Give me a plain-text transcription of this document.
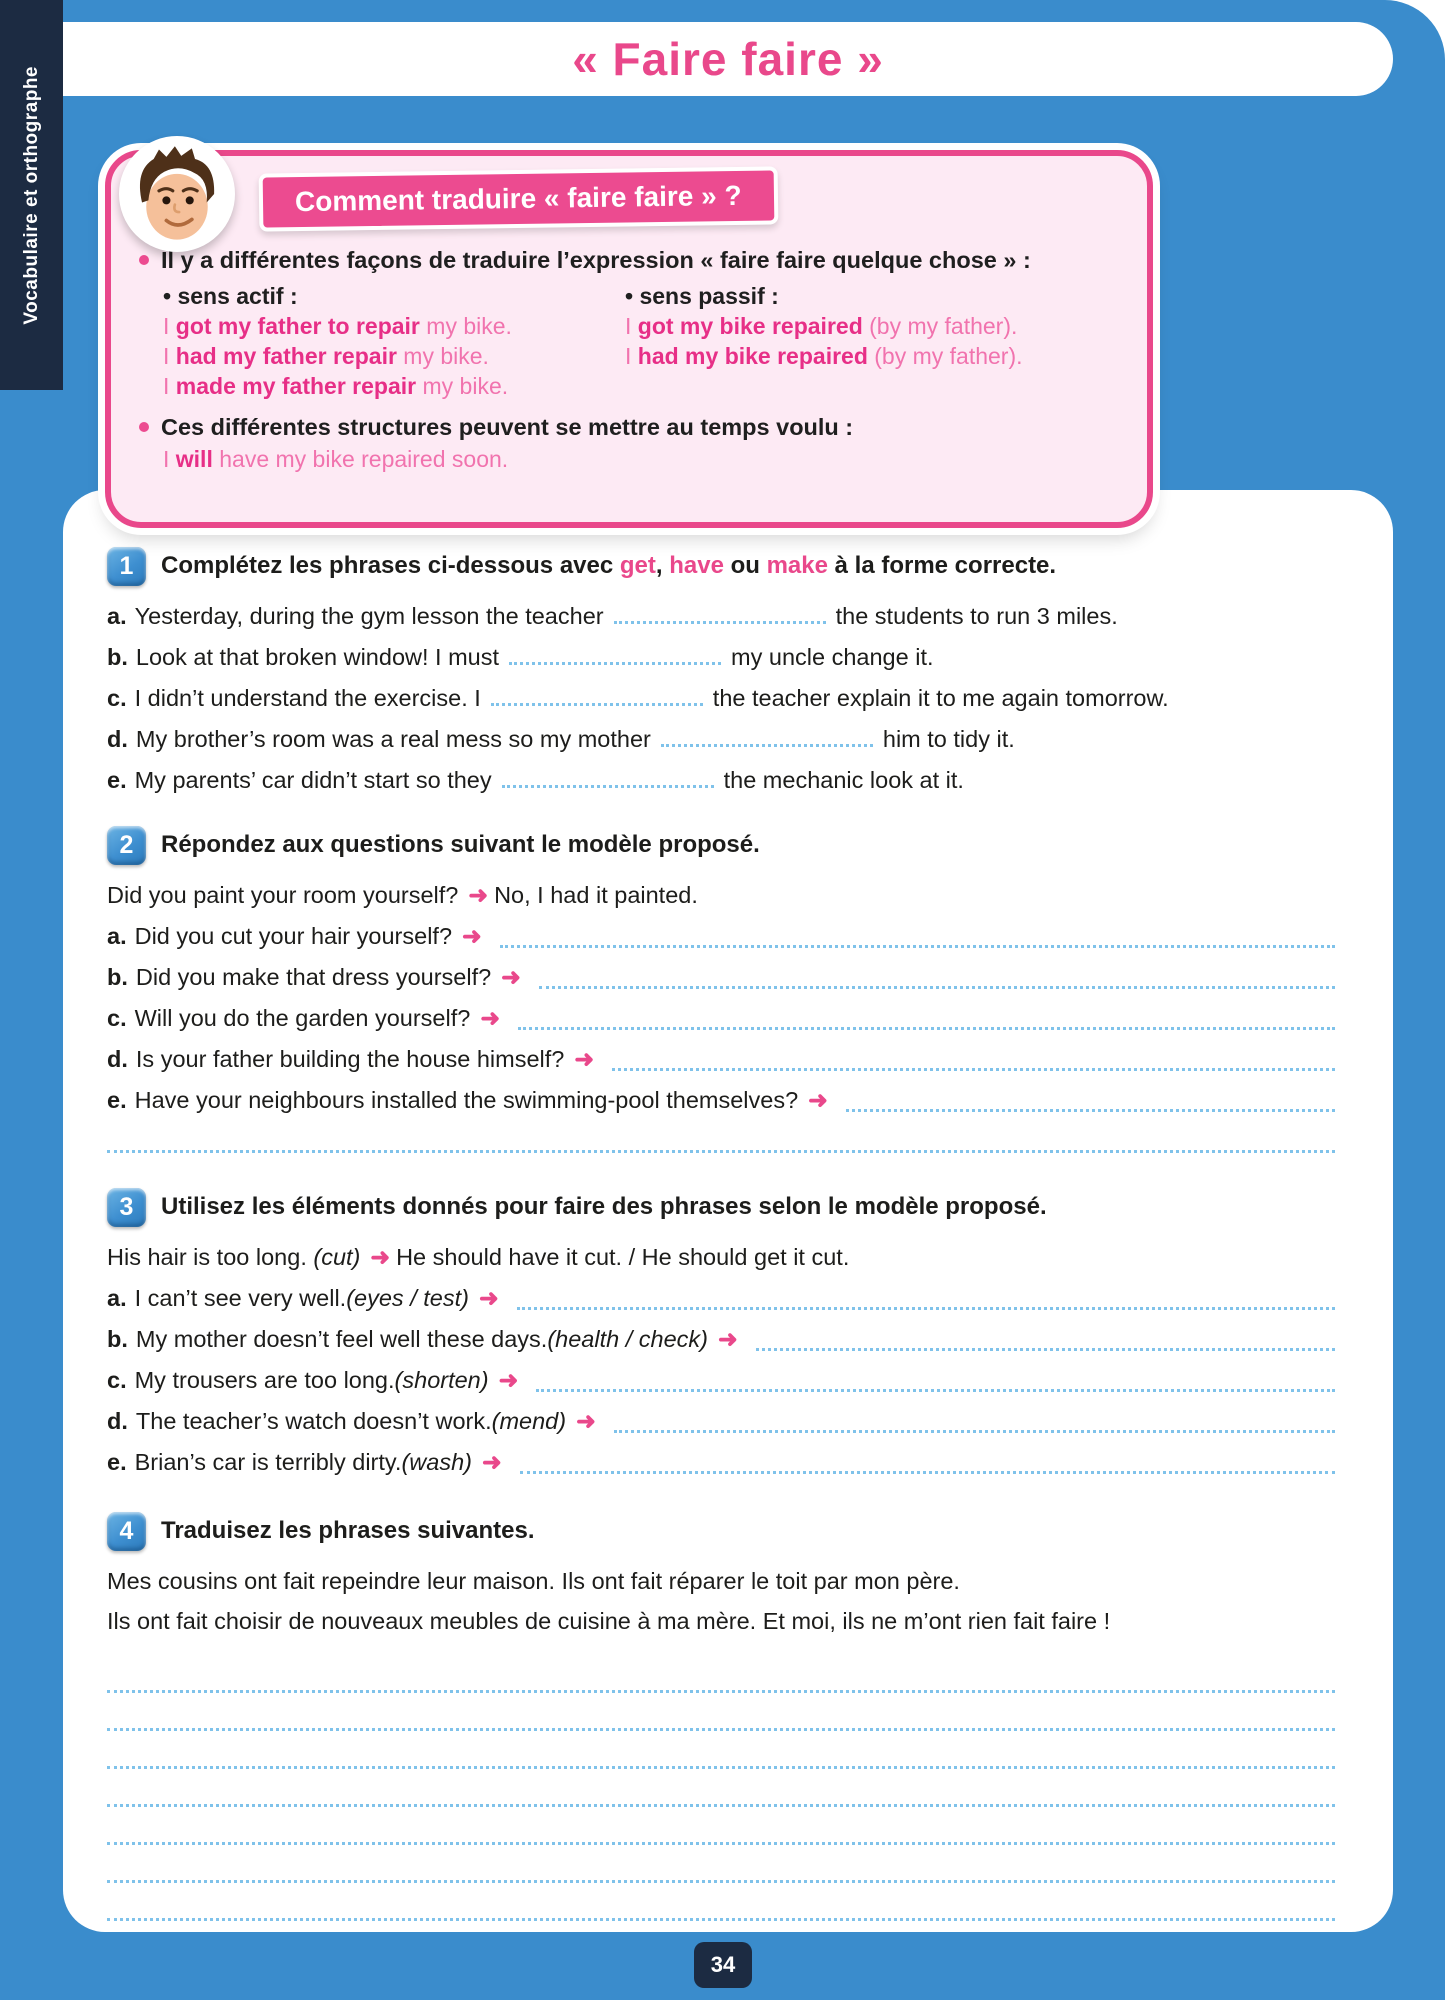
Vocabulaire et orthographe
« Faire faire »
1	Complétez les phrases ci-dessous avec get, have ou make à la forme correcte.
a. Yesterday, during the gym lesson the teacher	the students to run 3 miles.
b. Look at that broken window! I must	my uncle change it.
c. I didn’t understand the exercise. I	the teacher explain it to me again tomorrow.
d. My brother’s room was a real mess so my mother	him to tidy it.
e. My parents’ car didn’t start so they	the mechanic look at it.
2	Répondez aux questions suivant le modèle proposé.
Did you paint your room yourself? ➜ No, I had it painted.
a. Did you cut your hair yourself? ➜
b. Did you make that dress yourself? ➜
c. Will you do the garden yourself? ➜
d. Is your father building the house himself? ➜
e. Have your neighbours installed the swimming-pool themselves? ➜
3	Utilisez les éléments donnés pour faire des phrases selon le modèle proposé.
His hair is too long. (cut) ➜ He should have it cut. / He should get it cut.
a. I can’t see very well. (eyes / test) ➜
b. My mother doesn’t feel well these days. (health / check) ➜
c. My trousers are too long. (shorten) ➜
d. The teacher’s watch doesn’t work. (mend) ➜
e. Brian’s car is terribly dirty. (wash) ➜
4	Traduisez les phrases suivantes.
Mes cousins ont fait repeindre leur maison. Ils ont fait réparer le toit par mon père.
Ils ont fait choisir de nouveaux meubles de cuisine à ma mère. Et moi, ils ne m’ont rien fait faire !
Comment traduire « faire faire » ?
Il y a différentes façons de traduire l’expression « faire faire quelque chose » :
• sens actif :
I got my father to repair my bike.
I had my father repair my bike.
I made my father repair my bike.
• sens passif :
I got my bike repaired (by my father).
I had my bike repaired (by my father).
Ces différentes structures peuvent se mettre au temps voulu :
I will have my bike repaired soon.
34
